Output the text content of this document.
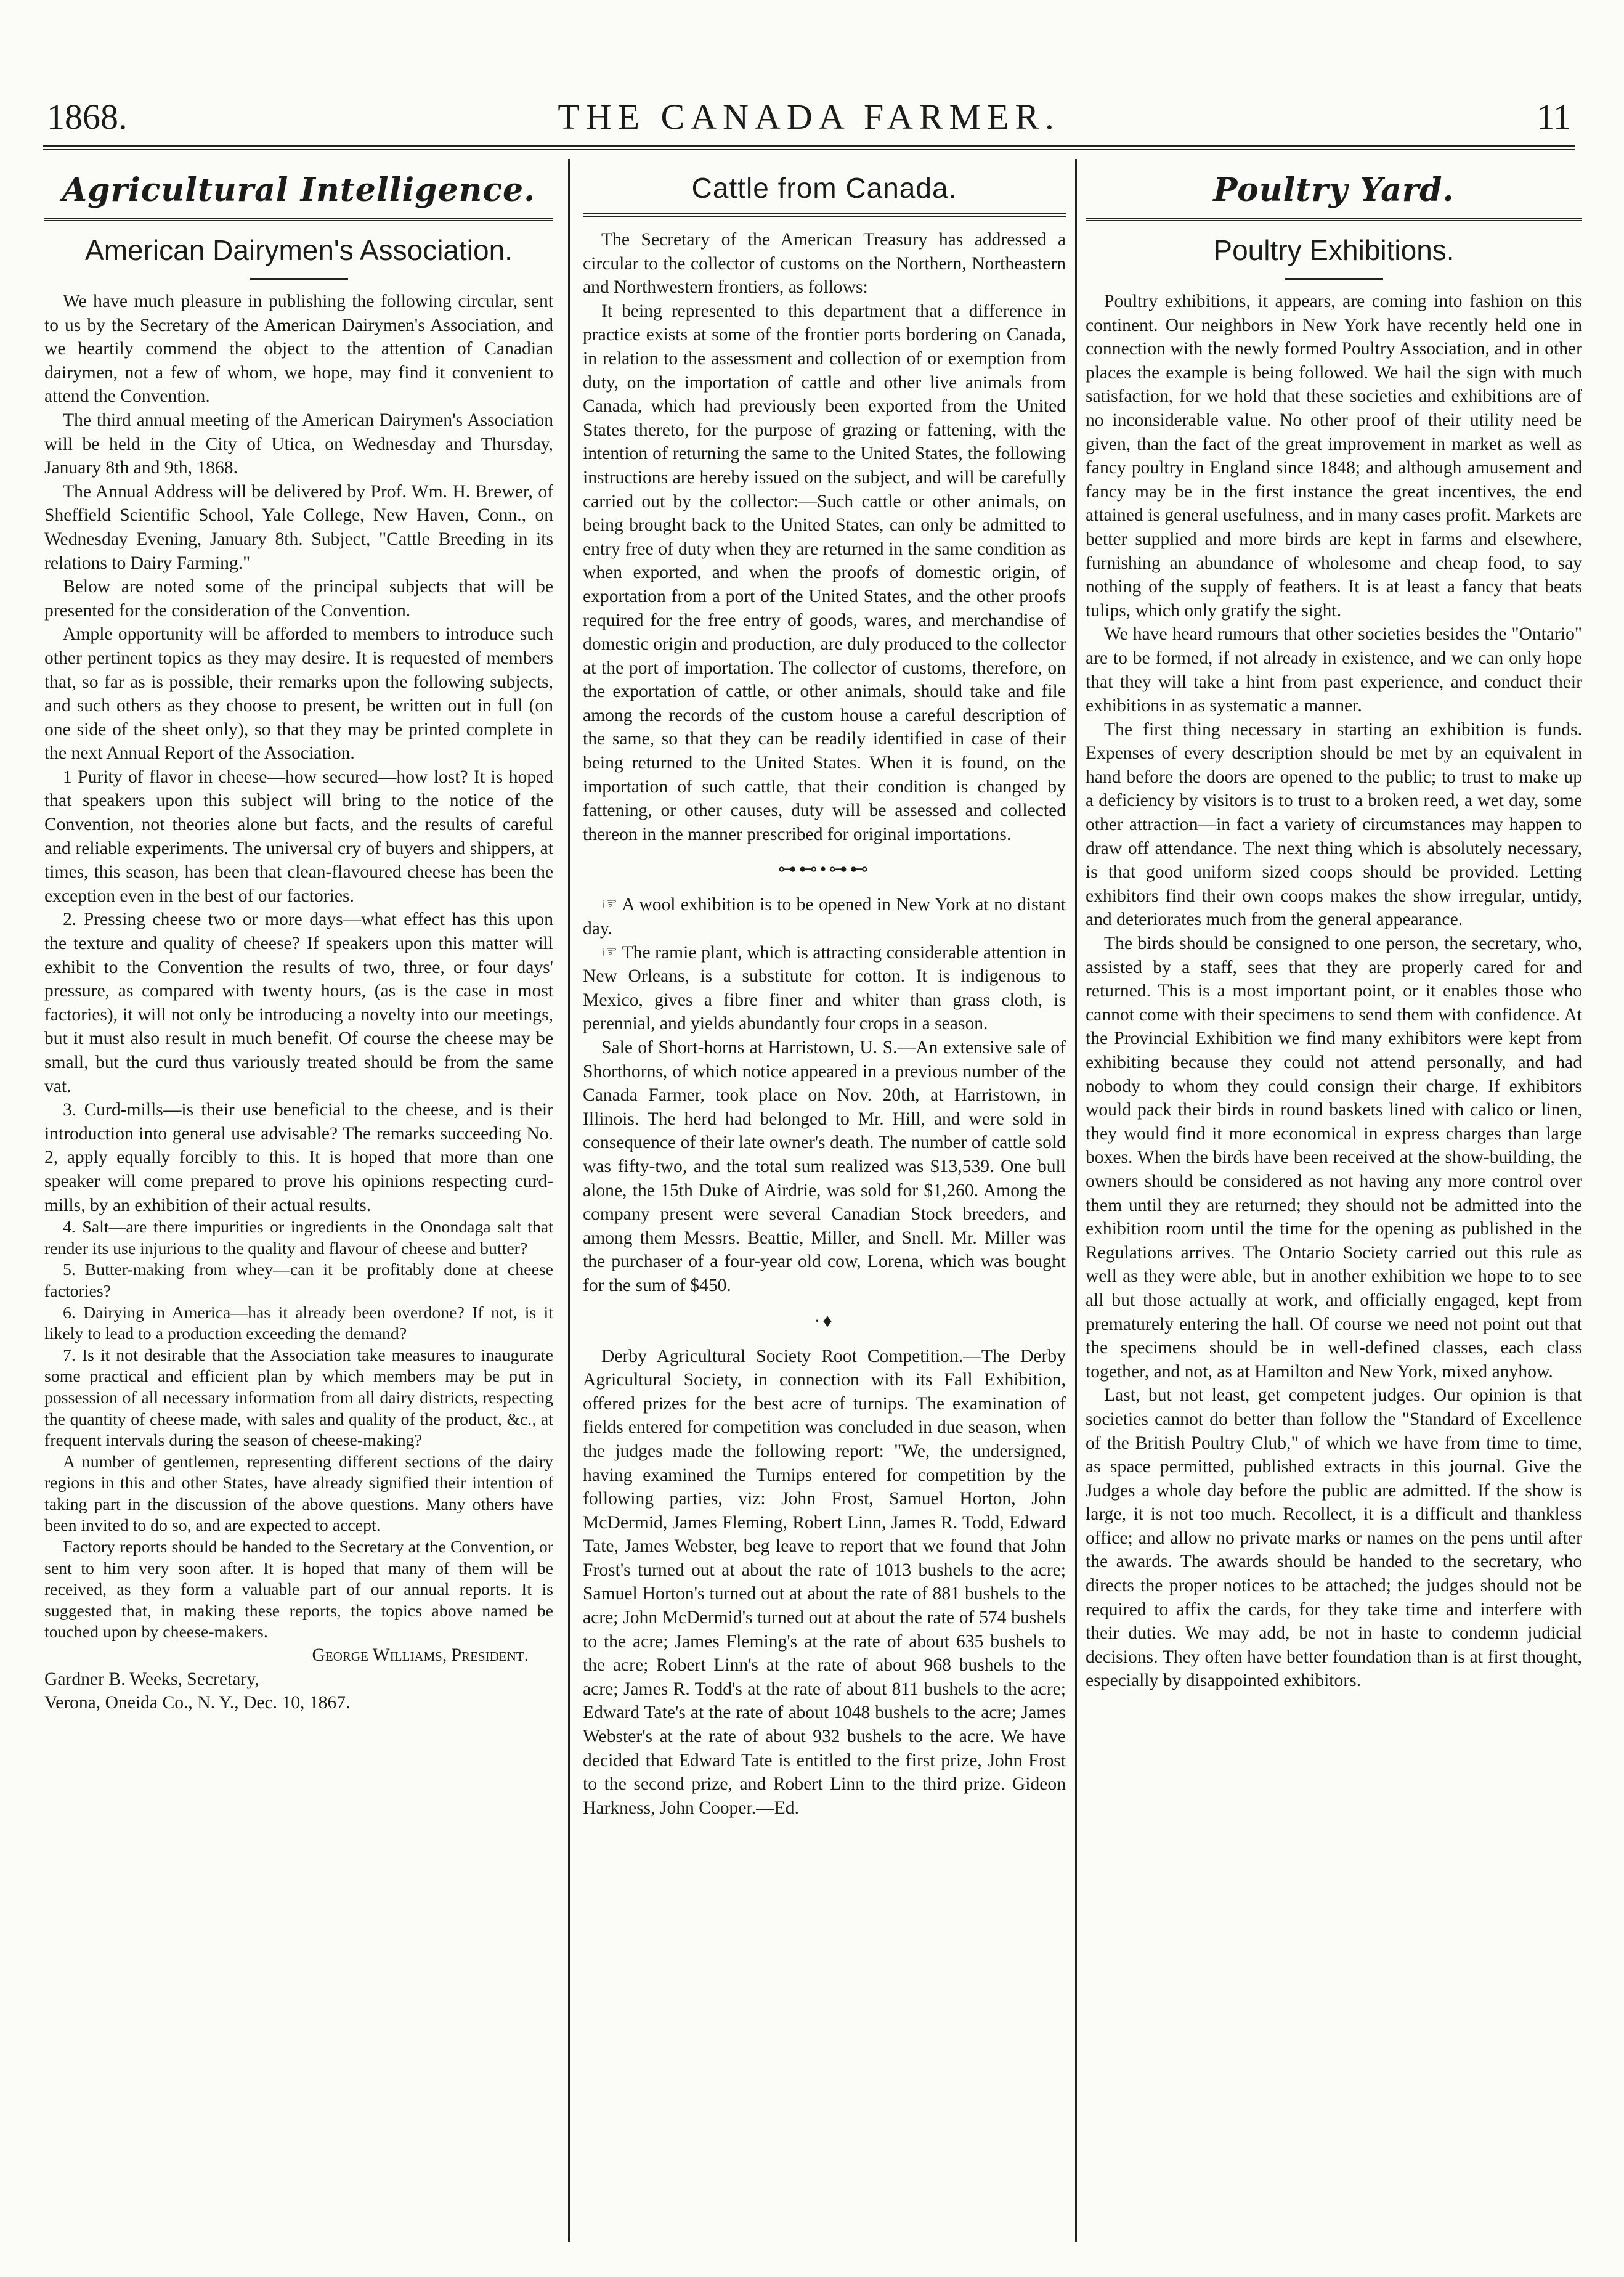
1868.	THE CANADA FARMER.	11
Agricultural Intelligence.
American Dairymen's Association.

We have much pleasure in publishing the following circular, sent to us by the Secretary of the American Dairymen's Association, and we heartily commend the object to the attention of Canadian dairymen, not a few of whom, we hope, may find it convenient to attend the Convention.

The third annual meeting of the American Dairymen's Association will be held in the City of Utica, on Wednesday and Thursday, January 8th and 9th, 1868.

The Annual Address will be delivered by Prof. Wm. H. Brewer, of Sheffield Scientific School, Yale College, New Haven, Conn., on Wednesday Evening, January 8th. Subject, "Cattle Breeding in its relations to Dairy Farming."

Below are noted some of the principal subjects that will be presented for the consideration of the Convention.

Ample opportunity will be afforded to members to introduce such other pertinent topics as they may desire. It is requested of members that, so far as is possible, their remarks upon the following subjects, and such others as they choose to present, be written out in full (on one side of the sheet only), so that they may be printed complete in the next Annual Report of the Association.

1 Purity of flavor in cheese—how secured—how lost? It is hoped that speakers upon this subject will bring to the notice of the Convention, not theories alone but facts, and the results of careful and reliable experiments. The universal cry of buyers and shippers, at times, this season, has been that clean-flavoured cheese has been the exception even in the best of our factories.

2. Pressing cheese two or more days—what effect has this upon the texture and quality of cheese? If speakers upon this matter will exhibit to the Convention the results of two, three, or four days' pressure, as compared with twenty hours, (as is the case in most factories), it will not only be introducing a novelty into our meetings, but it must also result in much benefit. Of course the cheese may be small, but the curd thus variously treated should be from the same vat.

3. Curd-mills—is their use beneficial to the cheese, and is their introduction into general use advisable? The remarks succeeding No. 2, apply equally forcibly to this. It is hoped that more than one speaker will come prepared to prove his opinions respecting curd-mills, by an exhibition of their actual results.

4. Salt—are there impurities or ingredients in the Onondaga salt that render its use injurious to the quality and flavour of cheese and butter?

5. Butter-making from whey—can it be profitably done at cheese factories?

6. Dairying in America—has it already been overdone? If not, is it likely to lead to a production exceeding the demand?

7. Is it not desirable that the Association take measures to inaugurate some practical and efficient plan by which members may be put in possession of all necessary information from all dairy districts, respecting the quantity of cheese made, with sales and quality of the product, &c., at frequent intervals during the season of cheese-making?

A number of gentlemen, representing different sections of the dairy regions in this and other States, have already signified their intention of taking part in the discussion of the above questions. Many others have been invited to do so, and are expected to accept.

Factory reports should be handed to the Secretary at the Convention, or sent to him very soon after. It is hoped that many of them will be received, as they form a valuable part of our annual reports. It is suggested that, in making these reports, the topics above named be touched upon by cheese-makers.

George Williams, President.

Gardner B. Weeks, Secretary,

Verona, Oneida Co., N. Y., Dec. 10, 1867.

Cattle from Canada.

The Secretary of the American Treasury has addressed a circular to the collector of customs on the Northern, Northeastern and Northwestern frontiers, as follows:

It being represented to this department that a difference in practice exists at some of the frontier ports bordering on Canada, in relation to the assessment and collection of or exemption from duty, on the importation of cattle and other live animals from Canada, which had previously been exported from the United States thereto, for the purpose of grazing or fattening, with the intention of returning the same to the United States, the following instructions are hereby issued on the subject, and will be carefully carried out by the collector:—Such cattle or other animals, on being brought back to the United States, can only be admitted to entry free of duty when they are returned in the same condition as when exported, and when the proofs of domestic origin, of exportation from a port of the United States, and the other proofs required for the free entry of goods, wares, and merchandise of domestic origin and production, are duly produced to the collector at the port of importation. The collector of customs, therefore, on the exportation of cattle, or other animals, should take and file among the records of the custom house a careful description of the same, so that they can be readily identified in case of their being returned to the United States. When it is found, on the importation of such cattle, that their condition is changed by fattening, or other causes, duty will be assessed and collected thereon in the manner prescribed for original importations.

⊶⊷•⊶⊷

☞ A wool exhibition is to be opened in New York at no distant day.

☞ The ramie plant, which is attracting considerable attention in New Orleans, is a substitute for cotton. It is indigenous to Mexico, gives a fibre finer and whiter than grass cloth, is perennial, and yields abundantly four crops in a season.

Sale of Short-horns at Harristown, U. S.—An extensive sale of Shorthorns, of which notice appeared in a previous number of the Canada Farmer, took place on Nov. 20th, at Harristown, in Illinois. The herd had belonged to Mr. Hill, and were sold in consequence of their late owner's death. The number of cattle sold was fifty-two, and the total sum realized was $13,539. One bull alone, the 15th Duke of Airdrie, was sold for $1,260. Among the company present were several Canadian Stock breeders, and among them Messrs. Beattie, Miller, and Snell. Mr. Miller was the purchaser of a four-year old cow, Lorena, which was bought for the sum of $450.

·♦

Derby Agricultural Society Root Competition.—The Derby Agricultural Society, in connection with its Fall Exhibition, offered prizes for the best acre of turnips. The examination of fields entered for competition was concluded in due season, when the judges made the following report: "We, the undersigned, having examined the Turnips entered for competition by the following parties, viz: John Frost, Samuel Horton, John McDermid, James Fleming, Robert Linn, James R. Todd, Edward Tate, James Webster, beg leave to report that we found that John Frost's turned out at about the rate of 1013 bushels to the acre; Samuel Horton's turned out at about the rate of 881 bushels to the acre; John McDermid's turned out at about the rate of 574 bushels to the acre; James Fleming's at the rate of about 635 bushels to the acre; Robert Linn's at the rate of about 968 bushels to the acre; James R. Todd's at the rate of about 811 bushels to the acre; Edward Tate's at the rate of about 1048 bushels to the acre; James Webster's at the rate of about 932 bushels to the acre. We have decided that Edward Tate is entitled to the first prize, John Frost to the second prize, and Robert Linn to the third prize. Gideon Harkness, John Cooper.—Ed.

Poultry Yard.
Poultry Exhibitions.

Poultry exhibitions, it appears, are coming into fashion on this continent. Our neighbors in New York have recently held one in connection with the newly formed Poultry Association, and in other places the example is being followed. We hail the sign with much satisfaction, for we hold that these societies and exhibitions are of no inconsiderable value. No other proof of their utility need be given, than the fact of the great improvement in market as well as fancy poultry in England since 1848; and although amusement and fancy may be in the first instance the great incentives, the end attained is general usefulness, and in many cases profit. Markets are better supplied and more birds are kept in farms and elsewhere, furnishing an abundance of wholesome and cheap food, to say nothing of the supply of feathers. It is at least a fancy that beats tulips, which only gratify the sight.

We have heard rumours that other societies besides the "Ontario" are to be formed, if not already in existence, and we can only hope that they will take a hint from past experience, and conduct their exhibitions in as systematic a manner.

The first thing necessary in starting an exhibition is funds. Expenses of every description should be met by an equivalent in hand before the doors are opened to the public; to trust to make up a deficiency by visitors is to trust to a broken reed, a wet day, some other attraction—in fact a variety of circumstances may happen to draw off attendance. The next thing which is absolutely necessary, is that good uniform sized coops should be provided. Letting exhibitors find their own coops makes the show irregular, untidy, and deteriorates much from the general appearance.

The birds should be consigned to one person, the secretary, who, assisted by a staff, sees that they are properly cared for and returned. This is a most important point, or it enables those who cannot come with their specimens to send them with confidence. At the Provincial Exhibition we find many exhibitors were kept from exhibiting because they could not attend personally, and had nobody to whom they could consign their charge. If exhibitors would pack their birds in round baskets lined with calico or linen, they would find it more economical in express charges than large boxes. When the birds have been received at the show-building, the owners should be considered as not having any more control over them until they are returned; they should not be admitted into the exhibition room until the time for the opening as published in the Regulations arrives. The Ontario Society carried out this rule as well as they were able, but in another exhibition we hope to to see all but those actually at work, and officially engaged, kept from prematurely entering the hall. Of course we need not point out that the specimens should be in well-defined classes, each class together, and not, as at Hamilton and New York, mixed anyhow.

Last, but not least, get competent judges. Our opinion is that societies cannot do better than follow the "Standard of Excellence of the British Poultry Club," of which we have from time to time, as space permitted, published extracts in this journal. Give the Judges a whole day before the public are admitted. If the show is large, it is not too much. Recollect, it is a difficult and thankless office; and allow no private marks or names on the pens until after the awards. The awards should be handed to the secretary, who directs the proper notices to be attached; the judges should not be required to affix the cards, for they take time and interfere with their duties. We may add, be not in haste to condemn judicial decisions. They often have better foundation than is at first thought, especially by disappointed exhibitors.
